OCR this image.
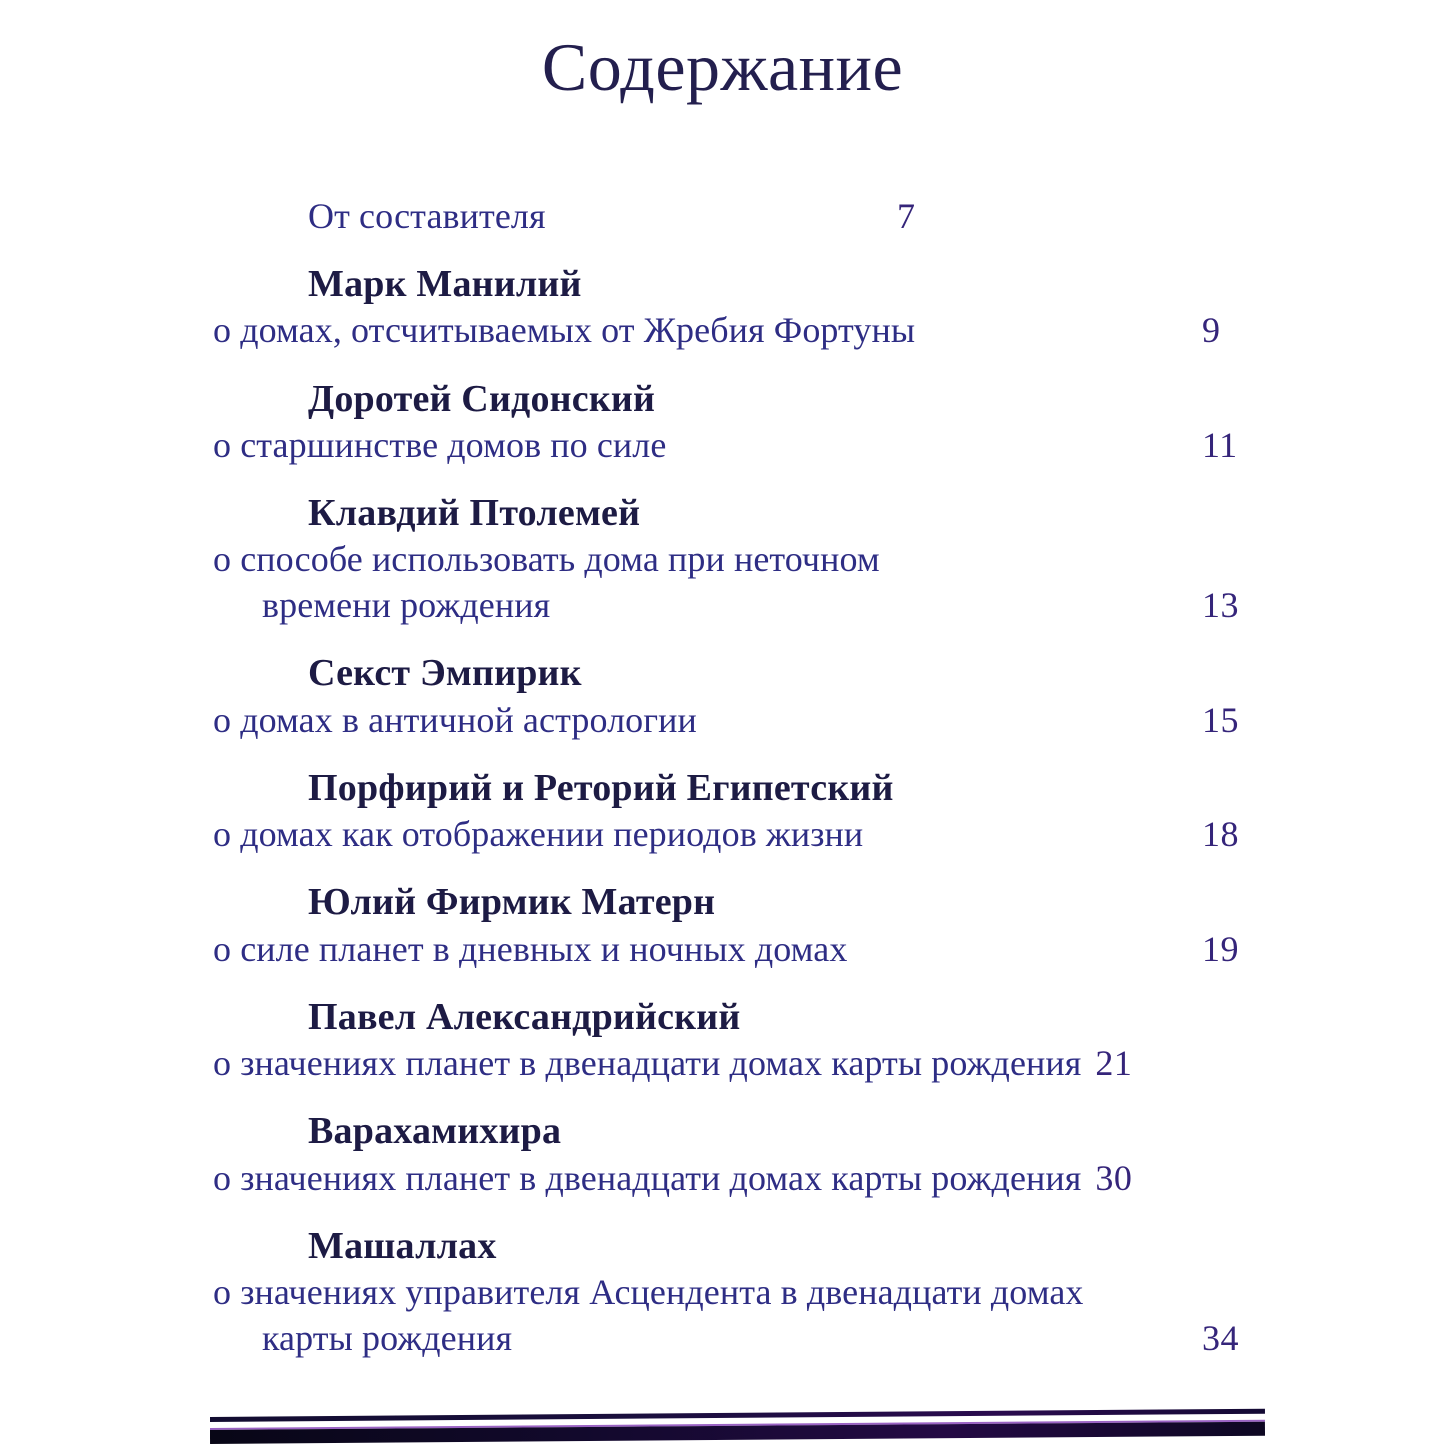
Содержание
От составителя	7
Марк Манилий
о домах, отсчитываемых от Жребия Фортуны	9
Доротей Сидонский
о старшинстве домов по силе	11
Клавдий Птолемей
о способе использовать дома при неточном
времени рождения	13
Секст Эмпирик
о домах в античной астрологии	15
Порфирий и Реторий Египетский
о домах как отображении периодов жизни	18
Юлий Фирмик Матерн
о силе планет в дневных и ночных домах	19
Павел Александрийский
о значениях планет в двенадцати домах карты рождения 21
Варахамихира
о значениях планет в двенадцати домах карты рождения 30
Машаллах
о значениях управителя Асцендента в двенадцати домах
карты рождения	34
